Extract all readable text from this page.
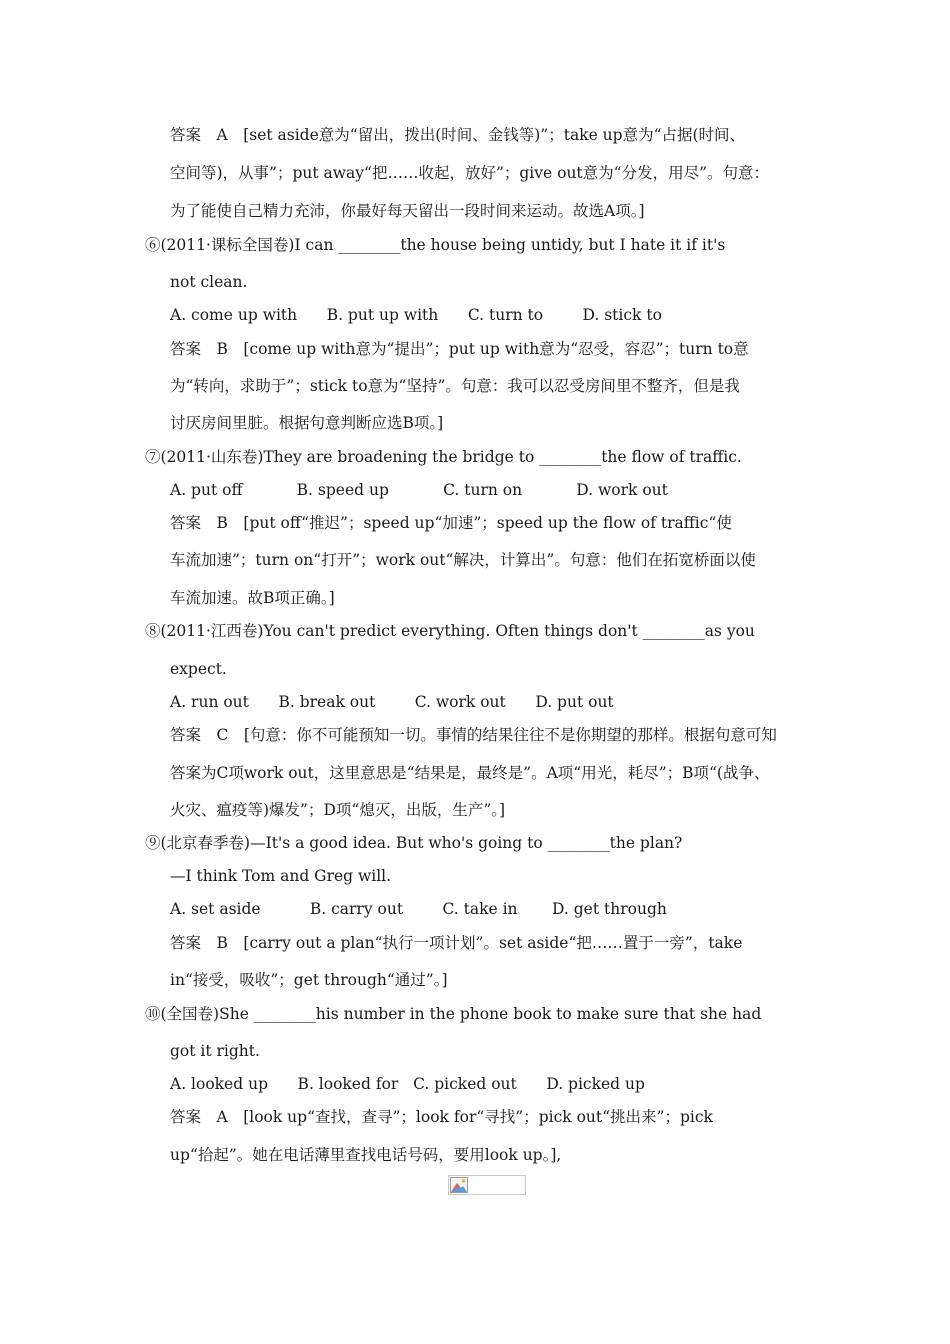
答案　A　[set aside意为“留出，拨出(时间、金钱等)”；take up意为“占据(时间、
空间等)，从事”；put away“把……收起，放好”；give out意为“分发，用尽”。句意：
为了能使自己精力充沛，你最好每天留出一段时间来运动。故选A项。]
⑥(2011·课标全国卷)I can ________the house being untidy, but I hate it if it's
not clean.
A. come up with      B. put up with      C. turn to        D. stick to
答案　B　[come up with意为“提出”；put up with意为“忍受，容忍”；turn to意
为“转向，求助于”；stick to意为“坚持”。句意：我可以忍受房间里不整齐，但是我
讨厌房间里脏。根据句意判断应选B项。]
⑦(2011·山东卷)They are broadening the bridge to ________the flow of traffic.
A. put off           B. speed up           C. turn on           D. work out
答案　B　[put off“推迟”；speed up“加速”；speed up the flow of traffic“使
车流加速”；turn on“打开”；work out“解决，计算出”。句意：他们在拓宽桥面以使
车流加速。故B项正确。]
⑧(2011·江西卷)You can't predict everything. Often things don't ________as you
expect.
A. run out      B. break out        C. work out      D. put out
答案　C　[句意：你不可能预知一切。事情的结果往往不是你期望的那样。根据句意可知
答案为C项work out，这里意思是“结果是，最终是”。A项“用光，耗尽”；B项“(战争、
火灾、瘟疫等)爆发”；D项“熄灭，出版，生产”。]
⑨(北京春季卷)—It's a good idea. But who's going to ________the plan?
—I think Tom and Greg will.
A. set aside          B. carry out        C. take in       D. get through
答案　B　[carry out a plan“执行一项计划”。set aside“把……置于一旁”，take
in“接受，吸收”；get through“通过”。]
⑩(全国卷)She ________his number in the phone book to make sure that she had
got it right.
A. looked up      B. looked for   C. picked out      D. picked up
答案　A　[look up“查找，查寻”；look for“寻找”；pick out“挑出来”；pick
up“拾起”。她在电话薄里查找电话号码，要用look up。],
